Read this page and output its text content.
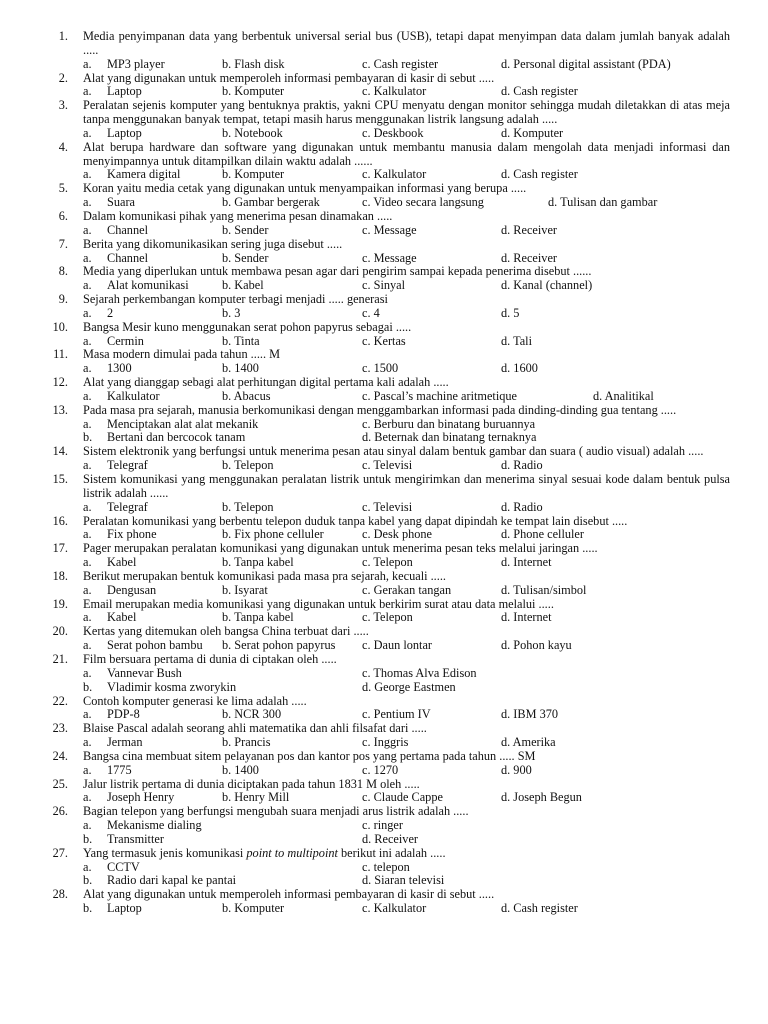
1. Media penyimpanan data yang berbentuk universal serial bus (USB), tetapi dapat menyimpan data dalam jumlah banyak adalah .....
a. MP3 player	b. Flash disk	c. Cash register	d. Personal digital assistant (PDA)
2. Alat yang digunakan untuk memperoleh informasi pembayaran di kasir di sebut .....
a. Laptop	b. Komputer	c. Kalkulator	d. Cash register
3. Peralatan sejenis komputer yang bentuknya praktis, yakni CPU menyatu dengan monitor sehingga mudah diletakkan di atas meja tanpa menggunakan banyak tempat, tetapi masih harus menggunakan listrik langsung adalah .....
a. Laptop	b. Notebook	c. Deskbook	d. Komputer
4. Alat berupa hardware dan software yang digunakan untuk membantu manusia dalam mengolah data menjadi informasi dan menyimpannya untuk ditampilkan dilain waktu adalah ......
a. Kamera digital	b. Komputer	c. Kalkulator	d. Cash register
5. Koran yaitu media cetak yang digunakan untuk menyampaikan informasi yang berupa .....
a. Suara	b. Gambar bergerak	c. Video secara langsung	d. Tulisan dan gambar
6. Dalam komunikasi pihak yang menerima pesan dinamakan .....
a. Channel	b. Sender	c. Message	d. Receiver
7. Berita yang dikomunikasikan sering juga disebut .....
a. Channel	b. Sender	c. Message	d. Receiver
8. Media yang diperlukan untuk membawa pesan agar dari pengirim sampai kepada penerima disebut ......
a. Alat komunikasi	b. Kabel	c. Sinyal	d. Kanal (channel)
9. Sejarah perkembangan komputer terbagi menjadi ..... generasi
a. 2	b. 3	c. 4	d. 5
10. Bangsa Mesir kuno menggunakan serat pohon papyrus sebagai .....
a. Cermin	b. Tinta	c. Kertas	d. Tali
11. Masa modern dimulai pada tahun ..... M
a. 1300	b. 1400	c. 1500	d. 1600
12. Alat yang dianggap sebagi alat perhitungan digital pertama kali adalah .....
a. Kalkulator	b. Abacus	c. Pascal’s machine aritmetique	d. Analitikal
13. Pada masa pra sejarah, manusia berkomunikasi dengan menggambarkan informasi pada dinding-dinding gua tentang .....
a. Menciptakan alat alat mekanik	c. Berburu dan binatang buruannya
b. Bertani dan bercocok tanam	d. Beternak dan binatang ternaknya
14. Sistem elektronik yang berfungsi untuk menerima pesan atau sinyal dalam bentuk gambar dan suara ( audio visual) adalah .....
a. Telegraf	b. Telepon	c. Televisi	d. Radio
15. Sistem komunikasi yang menggunakan peralatan listrik untuk mengirimkan dan menerima sinyal sesuai kode dalam bentuk pulsa listrik adalah ......
a. Telegraf	b. Telepon	c. Televisi	d. Radio
16. Peralatan komunikasi yang berbentu telepon duduk tanpa kabel yang dapat dipindah ke tempat lain disebut .....
a. Fix phone	b. Fix phone celluler	c. Desk phone	d. Phone celluler
17. Pager merupakan peralatan komunikasi yang digunakan untuk menerima pesan teks melalui jaringan .....
a. Kabel	b. Tanpa kabel	c. Telepon	d. Internet
18. Berikut merupakan bentuk komunikasi pada masa pra sejarah, kecuali .....
a. Dengusan	b. Isyarat	c. Gerakan tangan	d. Tulisan/simbol
19. Email merupakan media komunikasi yang digunakan untuk berkirim surat atau data melalui .....
a. Kabel	b. Tanpa kabel	c. Telepon	d. Internet
20. Kertas yang ditemukan oleh bangsa China terbuat dari .....
a. Serat pohon bambu b. Serat pohon papyrus c. Daun lontar	d. Pohon kayu
21. Film bersuara pertama di dunia di ciptakan oleh .....
a. Vannevar Bush	c. Thomas Alva Edison
b. Vladimir kosma zworykin	d. George Eastmen
22. Contoh komputer generasi ke lima adalah .....
a. PDP-8	b. NCR 300	c. Pentium IV	d. IBM 370
23. Blaise Pascal adalah seorang ahli matematika dan ahli filsafat dari .....
a. Jerman	b. Prancis	c. Inggris	d. Amerika
24. Bangsa cina membuat sitem pelayanan pos dan kantor pos yang pertama pada tahun ..... SM
a. 1775	b. 1400	c. 1270	d. 900
25. Jalur listrik pertama di dunia diciptakan pada tahun 1831 M oleh .....
a. Joseph Henry	b. Henry Mill	c. Claude Cappe	d. Joseph Begun
26. Bagian telepon yang berfungsi mengubah suara menjadi arus listrik adalah .....
a. Mekanisme dialing	c. ringer
b. Transmitter	d. Receiver
27. Yang termasuk jenis komunikasi point to multipoint berikut ini adalah .....
a. CCTV	c. telepon
b. Radio dari kapal ke pantai	d. Siaran televisi
28. Alat yang digunakan untuk memperoleh informasi pembayaran di kasir di sebut .....
b. Laptop	b. Komputer	c. Kalkulator	d. Cash register
